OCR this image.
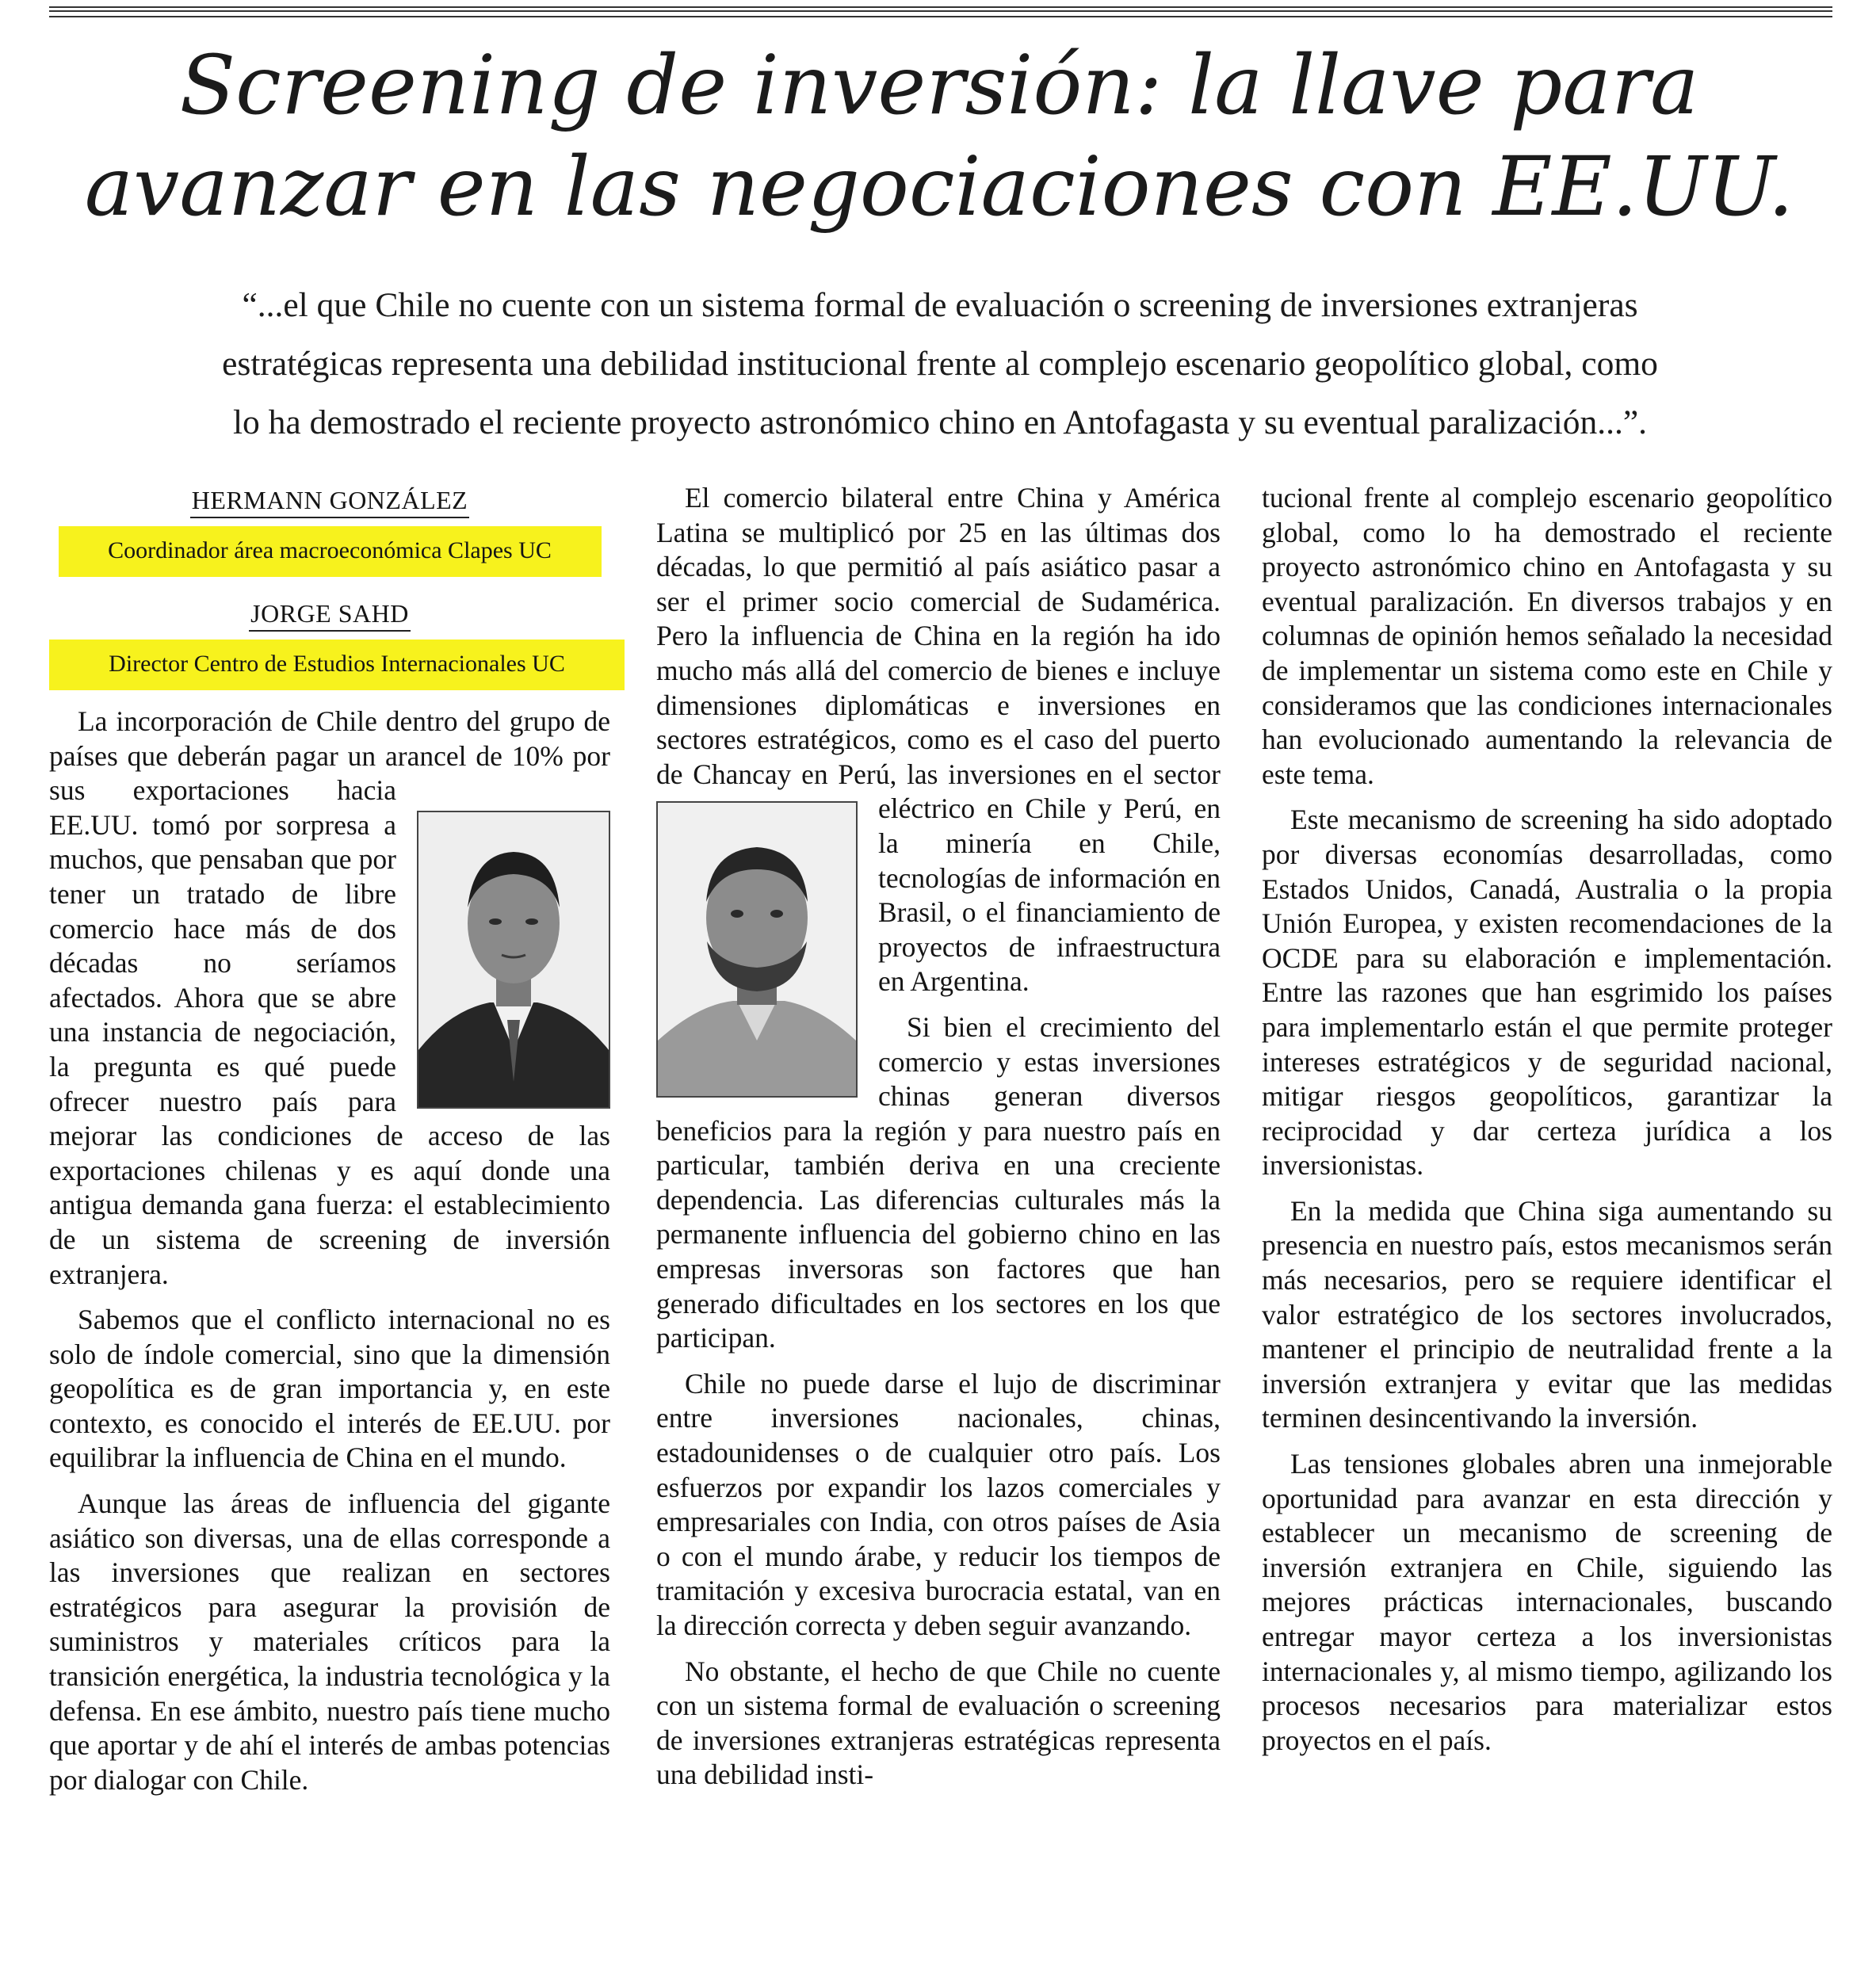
Screening de inversión: la llave para
avanzar en las negociaciones con EE.UU.
“...el que Chile no cuente con un sistema formal de evaluación o screening de inversiones extranjeras
estratégicas representa una debilidad institucional frente al complejo escenario geopolítico global, como
lo ha demostrado el reciente proyecto astronómico chino en Antofagasta y su eventual paralización...”.
HERMANN GONZÁLEZ
Coordinador área macroeconómica Clapes UC
JORGE SAHD
Director Centro de Estudios Internacionales UC

La incorporación de Chile dentro del grupo de países que deberán pagar un arancel de 10% por sus exportaciones hacia EE.UU. tomó por sorpresa a muchos, que pensaban que por tener un tratado de libre comercio hace más de dos décadas no seríamos afectados. Ahora que se abre una instancia de negociación, la pregunta es qué puede ofrecer nuestro país para mejorar las condiciones de acceso de las exportaciones chilenas y es aquí donde una antigua demanda gana fuerza: el establecimiento de un sistema de screening de inversión extranjera.

Sabemos que el conflicto internacional no es solo de índole comercial, sino que la dimensión geopolítica es de gran importancia y, en este contexto, es conocido el interés de EE.UU. por equilibrar la influencia de China en el mundo.

Aunque las áreas de influencia del gigante asiático son diversas, una de ellas corresponde a las inversiones que realizan en sectores estratégicos para asegurar la provisión de suministros y materiales críticos para la transición energética, la industria tecnológica y la defensa. En ese ámbito, nuestro país tiene mucho que aportar y de ahí el interés de ambas potencias por dialogar con Chile.

El comercio bilateral entre China y América Latina se multiplicó por 25 en las últimas dos décadas, lo que permitió al país asiático pasar a ser el primer socio comercial de Sudamérica. Pero la influencia de China en la región ha ido mucho más allá del comercio de bienes e incluye dimensiones diplomáticas e inversiones en sectores estratégicos, como es el caso del puerto de Chancay en Perú, las inversiones en el sector eléctrico en Chile y Perú, en la minería en Chile, tecnologías de información en Brasil, o el financiamiento de proyectos de infraestructura en Argentina.

Si bien el crecimiento del comercio y estas inversiones chinas generan diversos beneficios para la región y para nuestro país en particular, también deriva en una creciente dependencia. Las diferencias culturales más la permanente influencia del gobierno chino en las empresas inversoras son factores que han generado dificultades en los sectores en los que participan.

Chile no puede darse el lujo de discriminar entre inversiones nacionales, chinas, estadounidenses o de cualquier otro país. Los esfuerzos por expandir los lazos comerciales y empresariales con India, con otros países de Asia o con el mundo árabe, y reducir los tiempos de tramitación y excesiva burocracia estatal, van en la dirección correcta y deben seguir avanzando.

No obstante, el hecho de que Chile no cuente con un sistema formal de evaluación o screening de inversiones extranjeras estratégicas representa una debilidad insti-

tucional frente al complejo escenario geopolítico global, como lo ha demostrado el reciente proyecto astronómico chino en Antofagasta y su eventual paralización. En diversos trabajos y en columnas de opinión hemos señalado la necesidad de implementar un sistema como este en Chile y consideramos que las condiciones internacionales han evolucionado aumentando la relevancia de este tema.

Este mecanismo de screening ha sido adoptado por diversas economías desarrolladas, como Estados Unidos, Canadá, Australia o la propia Unión Europea, y existen recomendaciones de la OCDE para su elaboración e implementación. Entre las razones que han esgrimido los países para implementarlo están el que permite proteger intereses estratégicos y de seguridad nacional, mitigar riesgos geopolíticos, garantizar la reciprocidad y dar certeza jurídica a los inversionistas.

En la medida que China siga aumentando su presencia en nuestro país, estos mecanismos serán más necesarios, pero se requiere identificar el valor estratégico de los sectores involucrados, mantener el principio de neutralidad frente a la inversión extranjera y evitar que las medidas terminen desincentivando la inversión.

Las tensiones globales abren una inmejorable oportunidad para avanzar en esta dirección y establecer un mecanismo de screening de inversión extranjera en Chile, siguiendo las mejores prácticas internacionales, buscando entregar mayor certeza a los inversionistas internacionales y, al mismo tiempo, agilizando los procesos necesarios para materializar estos proyectos en el país.
